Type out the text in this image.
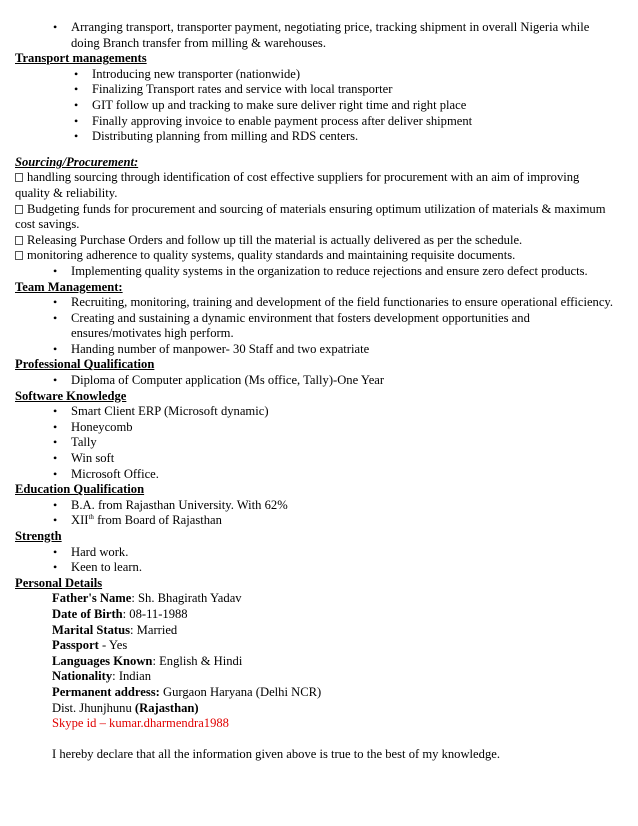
• Arranging transport, transporter payment, negotiating price, tracking shipment in overall Nigeria while doing Branch transfer from milling & warehouses.
Transport managements
• Introducing new transporter (nationwide)
• Finalizing Transport rates and service with local transporter
• GIT follow up and tracking to make sure deliver right time and right place
• Finally approving invoice to enable payment process after deliver shipment
• Distributing planning from milling and RDS centers.
Sourcing/Procurement:

handling sourcing through identification of cost effective suppliers for procurement with an aim of improving quality & reliability.

Budgeting funds for procurement and sourcing of materials ensuring optimum utilization of materials & maximum cost savings.

Releasing Purchase Orders and follow up till the material is actually delivered as per the schedule.

monitoring adherence to quality systems, quality standards and maintaining requisite documents.

• Implementing quality systems in the organization to reduce rejections and ensure zero defect products.
Team Management:
• Recruiting, monitoring, training and development of the field functionaries to ensure operational efficiency.
• Creating and sustaining a dynamic environment that fosters development opportunities and ensures/motivates high perform.
• Handing number of manpower- 30 Staff and two expatriate
Professional Qualification
• Diploma of Computer application (Ms office, Tally)-One Year
Software Knowledge
• Smart Client ERP (Microsoft dynamic)
• Honeycomb
• Tally
• Win soft
• Microsoft Office.
Education Qualification
• B.A. from Rajasthan University. With 62%
• XIIth from Board of Rajasthan
Strength
• Hard work.
• Keen to learn.
Personal Details

Father's Name: Sh. Bhagirath Yadav

Date of Birth: 08-11-1988

Marital Status: Married

Passport - Yes

Languages Known: English & Hindi

Nationality: Indian

Permanent address: Gurgaon Haryana (Delhi NCR)

Dist. Jhunjhunu (Rajasthan)

Skype id – kumar.dharmendra1988

I hereby declare that all the information given above is true to the best of my knowledge.
